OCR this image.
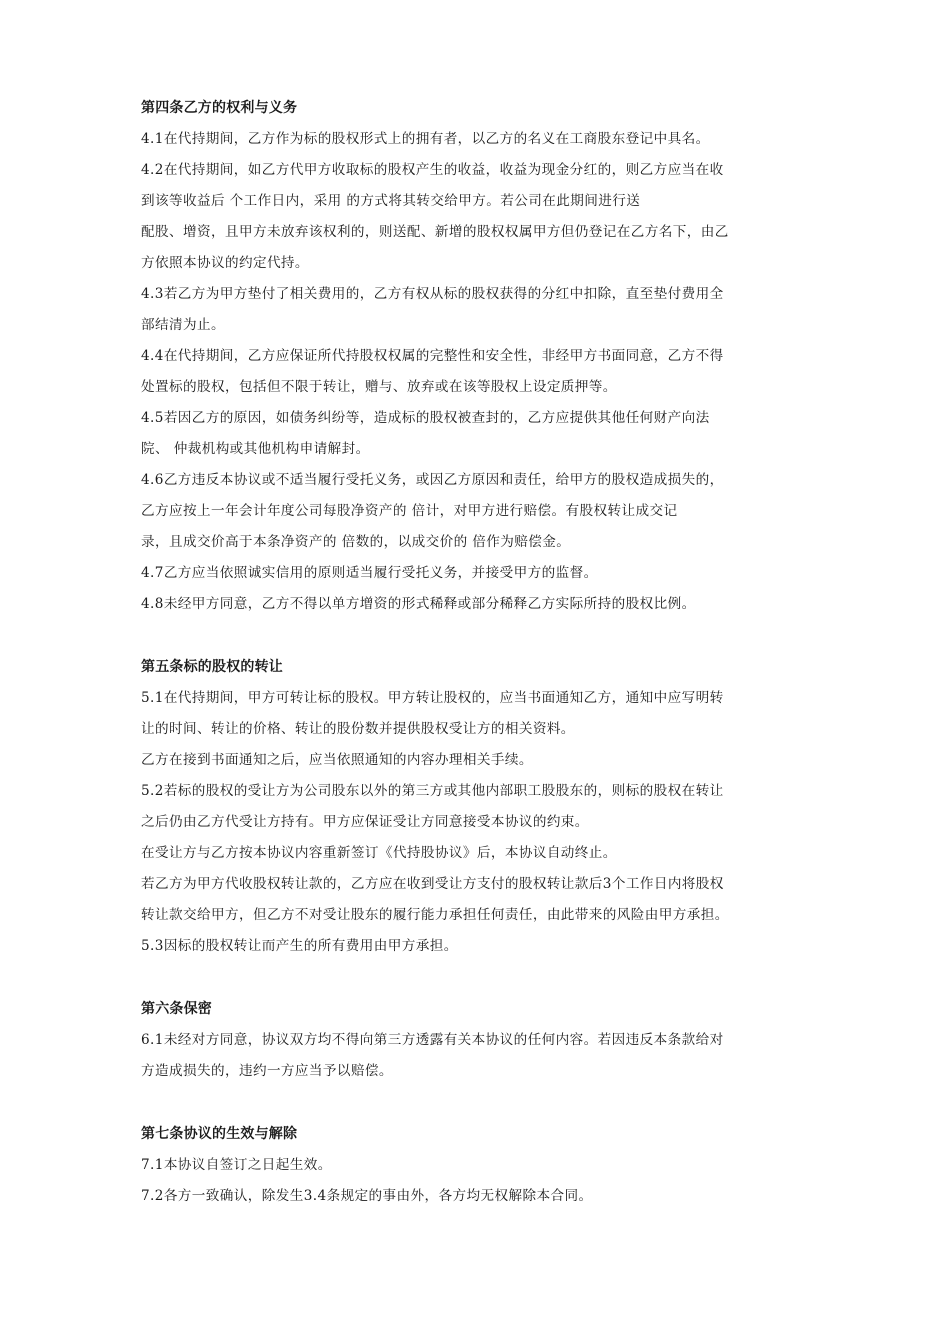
第四条乙方的权利与义务
4.1在代持期间，乙方作为标的股权形式上的拥有者，以乙方的名义在工商股东登记中具名。
4.2在代持期间，如乙方代甲方收取标的股权产生的收益，收益为现金分红的，则乙方应当在收
到该等收益后 个工作日内，采用 的方式将其转交给甲方。若公司在此期间进行送
配股、增资，且甲方未放弃该权利的，则送配、新增的股权权属甲方但仍登记在乙方名下，由乙
方依照本协议的约定代持。
4.3若乙方为甲方垫付了相关费用的，乙方有权从标的股权获得的分红中扣除，直至垫付费用全
部结清为止。
4.4在代持期间，乙方应保证所代持股权权属的完整性和安全性，非经甲方书面同意，乙方不得
处置标的股权，包括但不限于转让，赠与、放弃或在该等股权上设定质押等。
4.5若因乙方的原因，如债务纠纷等，造成标的股权被查封的，乙方应提供其他任何财产向法
院、 仲裁机构或其他机构申请解封。
4.6乙方违反本协议或不适当履行受托义务，或因乙方原因和责任，给甲方的股权造成损失的，
乙方应按上一年会计年度公司每股净资产的 倍计，对甲方进行赔偿。有股权转让成交记
录，且成交价高于本条净资产的 倍数的，以成交价的 倍作为赔偿金。
4.7乙方应当依照诚实信用的原则适当履行受托义务，并接受甲方的监督。
4.8未经甲方同意，乙方不得以单方增资的形式稀释或部分稀释乙方实际所持的股权比例。
第五条标的股权的转让
5.1在代持期间，甲方可转让标的股权。甲方转让股权的，应当书面通知乙方，通知中应写明转
让的时间、转让的价格、转让的股份数并提供股权受让方的相关资料。
乙方在接到书面通知之后，应当依照通知的内容办理相关手续。
5.2若标的股权的受让方为公司股东以外的第三方或其他内部职工股股东的，则标的股权在转让
之后仍由乙方代受让方持有。甲方应保证受让方同意接受本协议的约束。
在受让方与乙方按本协议内容重新签订《代持股协议》后，本协议自动终止。
若乙方为甲方代收股权转让款的，乙方应在收到受让方支付的股权转让款后3个工作日内将股权
转让款交给甲方，但乙方不对受让股东的履行能力承担任何责任，由此带来的风险由甲方承担。
5.3因标的股权转让而产生的所有费用由甲方承担。
第六条保密
6.1未经对方同意，协议双方均不得向第三方透露有关本协议的任何内容。若因违反本条款给对
方造成损失的，违约一方应当予以赔偿。
第七条协议的生效与解除
7.1本协议自签订之日起生效。
7.2各方一致确认，除发生3.4条规定的事由外，各方均无权解除本合同。
